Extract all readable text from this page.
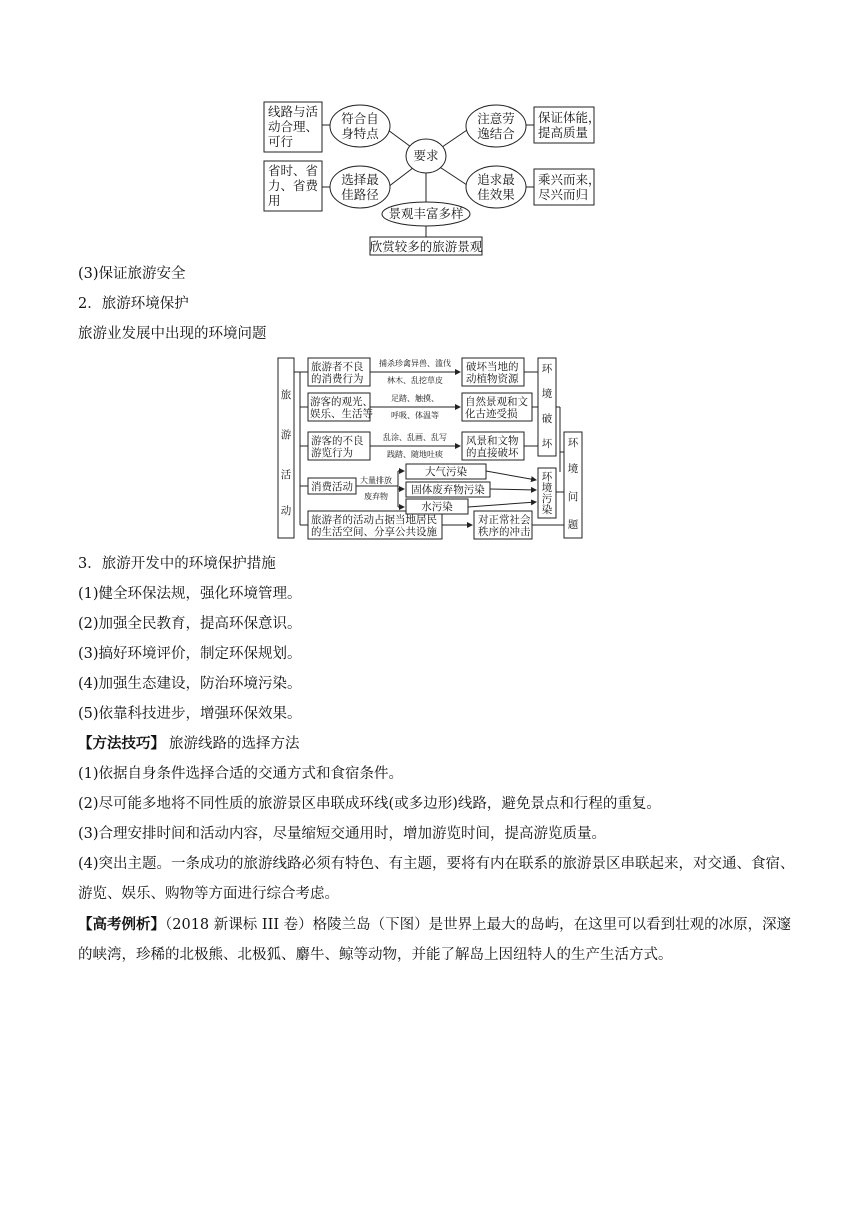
要求
线路与活
动合理、
可行
符合自
身特点
省时、省
力、省费
用
选择最
佳路径
注意劳
逸结合
保证体能，
提高质量
追求最
佳效果
乘兴而来，
尽兴而归
景观丰富多样
欣赏较多的旅游景观
(3)保证旅游安全
2．旅游环境保护
旅游业发展中出现的环境问题
旅
游
活
动
旅游者不良
的消费行为
游客的观光、
娱乐、生活等
游客的不良
游览行为
消费活动
旅游者的活动占据当地居民
的生活空间、分享公共设施
破坏当地的
动植物资源
自然景观和文
化古迹受损
风景和文物
的直接破坏
对正常社会
秩序的冲击
大气污染
固体废弃物污染
水污染
环
境
破
坏
环
境
污
染
环
境
问
题
捕杀珍禽异兽、滥伐
林木、乱挖草皮
足踏、触摸、
呼吸、体温等
乱涂、乱画、乱写
践踏、随地吐痰
大量排放
废弃物
3．旅游开发中的环境保护措施
(1)健全环保法规，强化环境管理。
(2)加强全民教育，提高环保意识。
(3)搞好环境评价，制定环保规划。
(4)加强生态建设，防治环境污染。
(5)依靠科技进步，增强环保效果。
【方法技巧】 旅游线路的选择方法
(1)依据自身条件选择合适的交通方式和食宿条件。
(2)尽可能多地将不同性质的旅游景区串联成环线(或多边形)线路，避免景点和行程的重复。
(3)合理安排时间和活动内容，尽量缩短交通用时，增加游览时间，提高游览质量。
(4)突出主题。一条成功的旅游线路必须有特色、有主题，要将有内在联系的旅游景区串联起来，对交通、食宿、游览、娱乐、购物等方面进行综合考虑。
【高考例析】（2018 新课标 III 卷）格陵兰岛（下图）是世界上最大的岛屿，在这里可以看到壮观的冰原，深邃的峡湾，珍稀的北极熊、北极狐、麝牛、鲸等动物，并能了解岛上因纽特人的生产生活方式。
